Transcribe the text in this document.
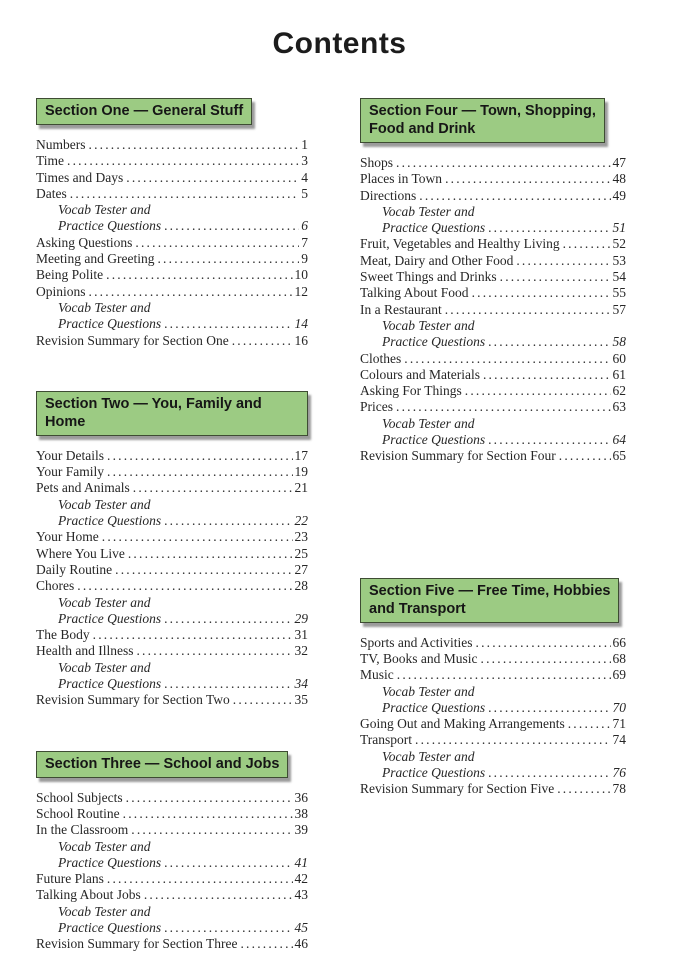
Contents
Section One — General Stuff
Numbers .....	1
Time .....	3
Times and Days .....	4
Dates .....	5
Vocab Tester and
Practice Questions .....	6
Asking Questions .....	7
Meeting and Greeting .....	9
Being Polite .....	10
Opinions .....	12
Vocab Tester and
Practice Questions .....	14
Revision Summary for Section One .....	16
Section Two — You, Family and Home
Your Details .....	17
Your Family .....	19
Pets and Animals .....	21
Vocab Tester and
Practice Questions .....	22
Your Home .....	23
Where You Live .....	25
Daily Routine .....	27
Chores .....	28
Vocab Tester and
Practice Questions .....	29
The Body .....	31
Health and Illness .....	32
Vocab Tester and
Practice Questions .....	34
Revision Summary for Section Two .....	35
Section Three — School and Jobs
School Subjects .....	36
School Routine .....	38
In the Classroom .....	39
Vocab Tester and
Practice Questions .....	41
Future Plans .....	42
Talking About Jobs .....	43
Vocab Tester and
Practice Questions .....	45
Revision Summary for Section Three .....	46
Section Four — Town, Shopping,
Food and Drink
Shops .....	47
Places in Town .....	48
Directions .....	49
Vocab Tester and
Practice Questions .....	51
Fruit, Vegetables and Healthy Living .....	52
Meat, Dairy and Other Food .....	53
Sweet Things and Drinks .....	54
Talking About Food .....	55
In a Restaurant .....	57
Vocab Tester and
Practice Questions .....	58
Clothes .....	60
Colours and Materials .....	61
Asking For Things .....	62
Prices .....	63
Vocab Tester and
Practice Questions .....	64
Revision Summary for Section Four .....	65
Section Five — Free Time, Hobbies
and Transport
Sports and Activities .....	66
TV, Books and Music .....	68
Music .....	69
Vocab Tester and
Practice Questions .....	70
Going Out and Making Arrangements .....	71
Transport .....	74
Vocab Tester and
Practice Questions .....	76
Revision Summary for Section Five .....	78
